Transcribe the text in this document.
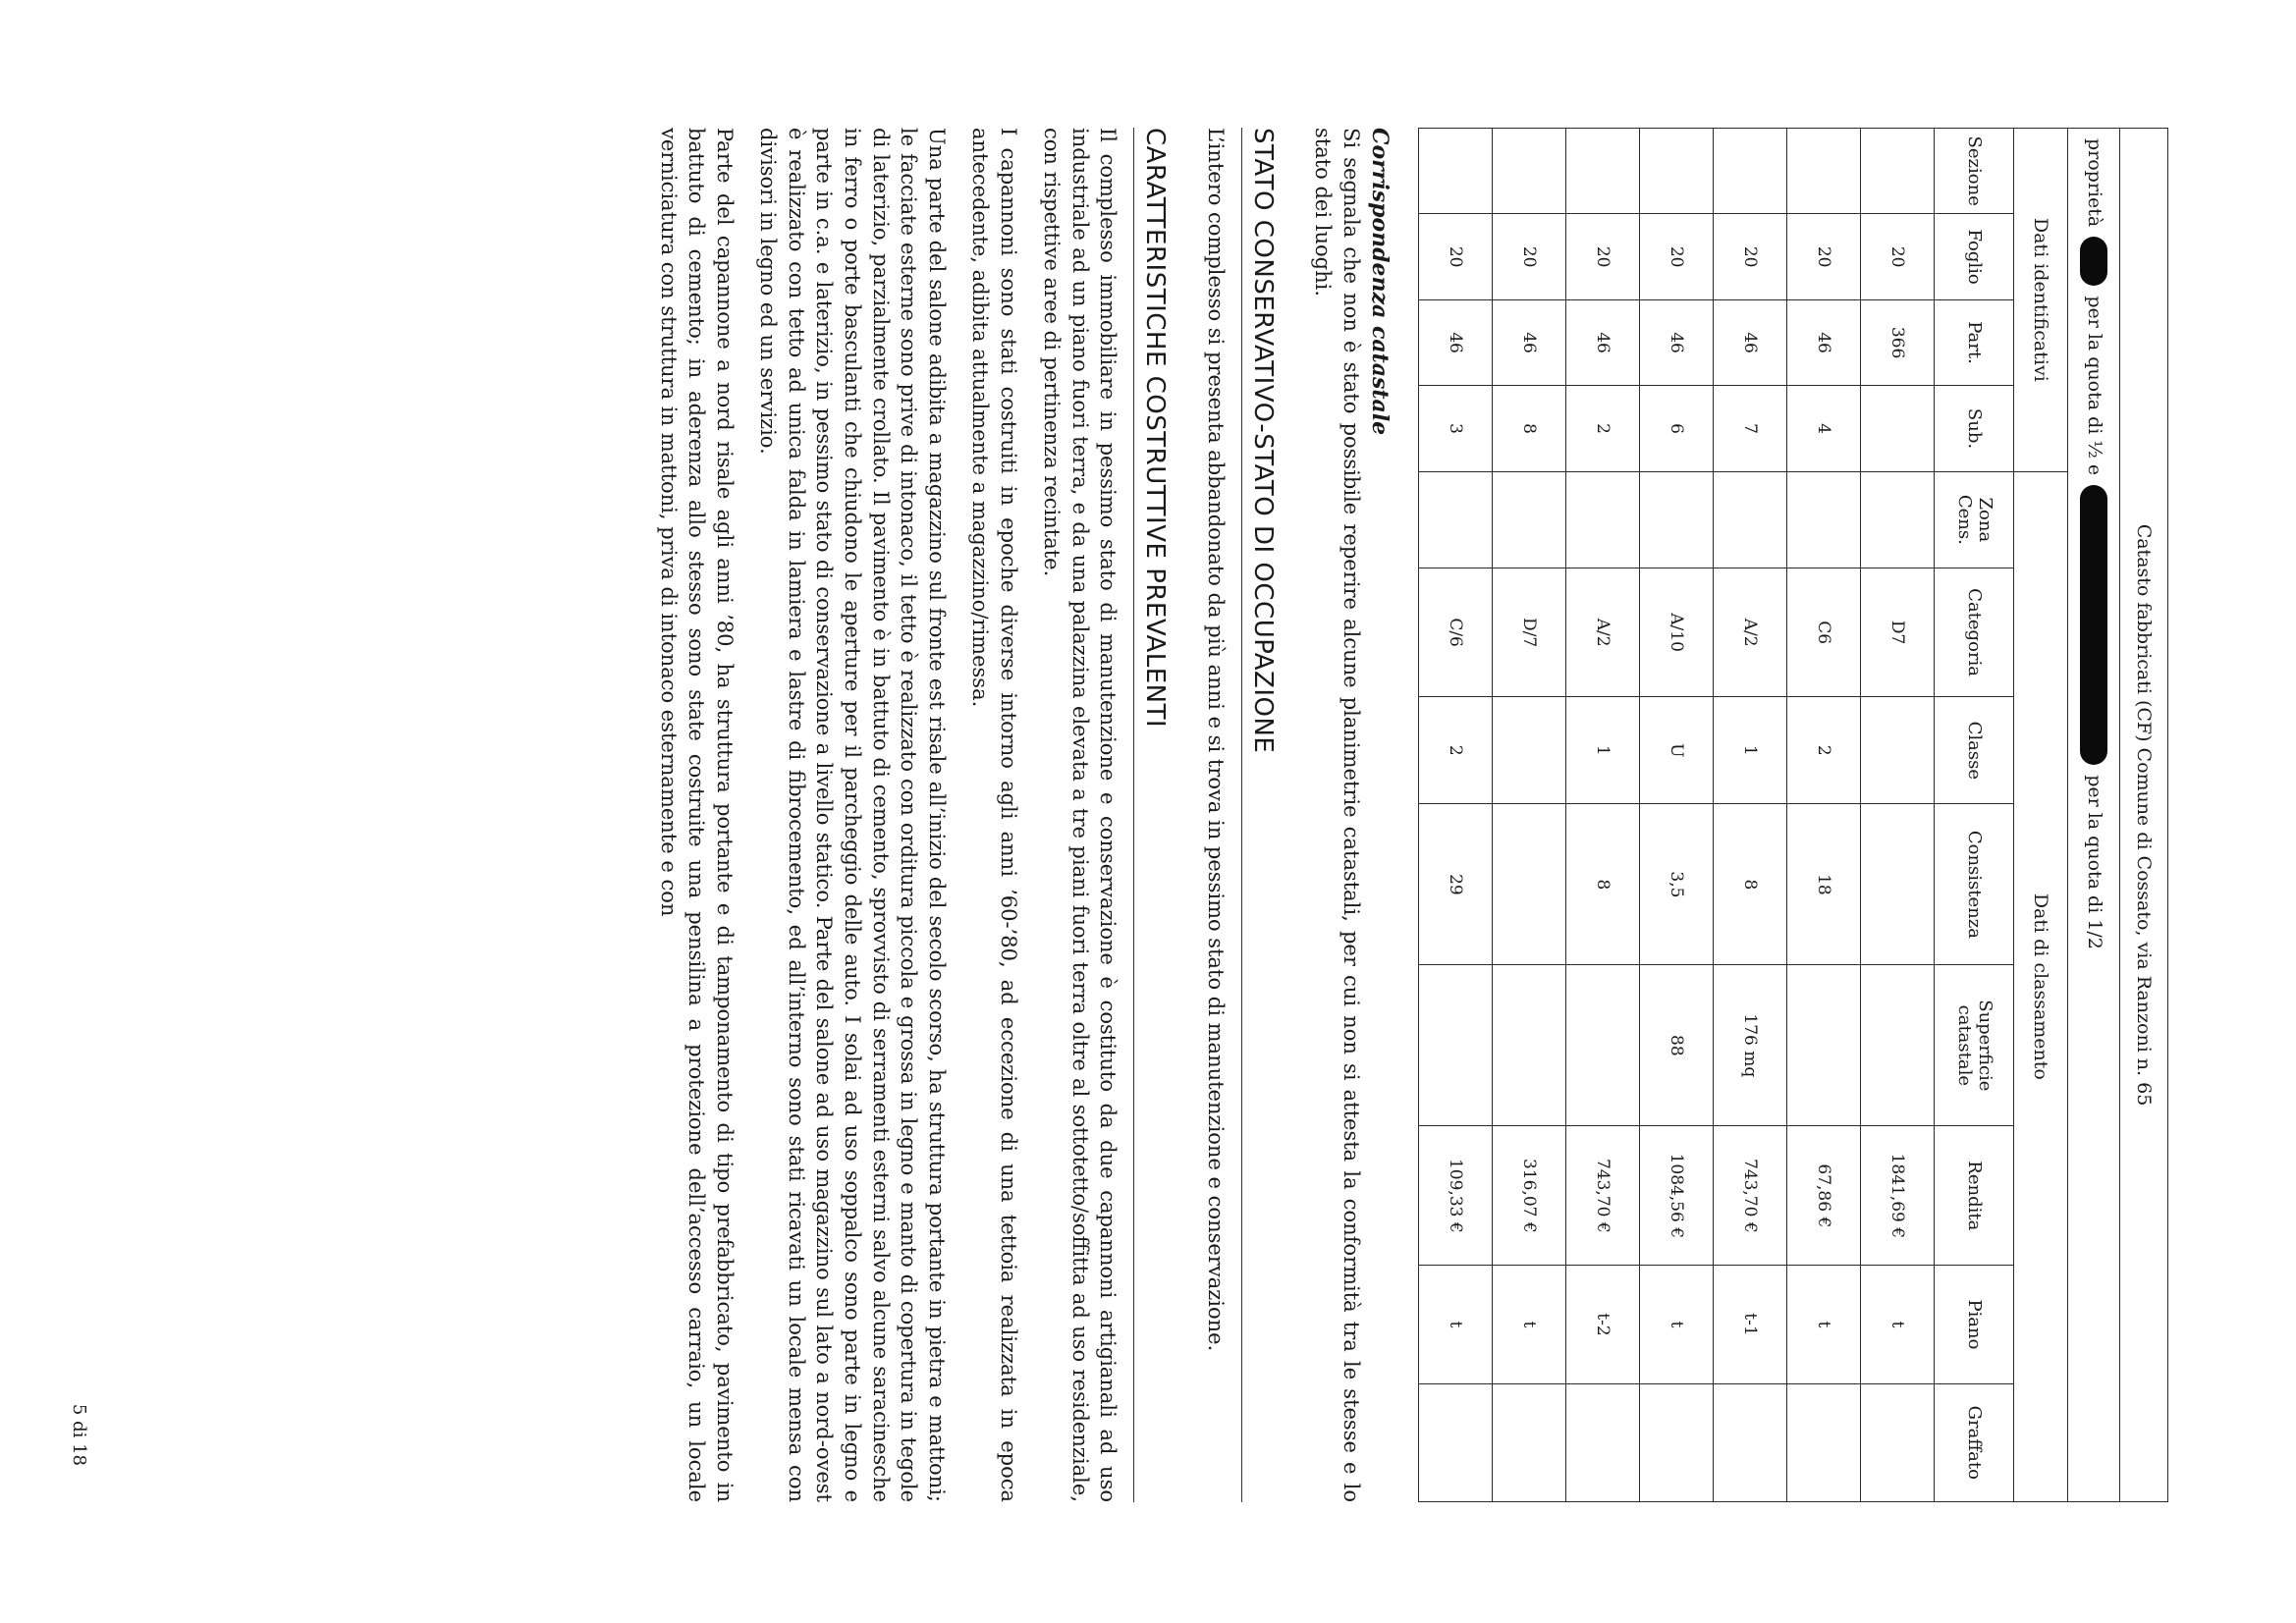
Catasto fabbricati (CF) Comune di Cossato, via Ranzoni n. 65											
proprietà  per la quota di ½ e  per la quota di 1/2											
Dati identificativi				Dati di classamento							
Sezione	Foglio	Part.	Sub.	Zona Cens.	Categoria	Classe	Consistenza	Superficie catastale	Rendita	Piano	Graffato
	20	366			D7				1841,69 €	t	
	20	46	4		C6	2	18		67,86 €	t	
	20	46	7		A/2	1	8	176 mq	743,70 €	t-1	
	20	46	6		A/10	U	3,5	88	1084,56 €	t	
	20	46	2		A/2	1	8		743,70 €	t-2	
	20	46	8		D/7				316,07 €	t	
	20	46	3		C/6	2	29		109,33 €	t	
Corrispondenza catastale

Si segnala che non è stato possibile reperire alcune planimetrie catastali, per cui non si attesta la conformità tra le stesse e lo stato dei luoghi.

STATO CONSERVATIVO-STATO DI OCCUPAZIONE

L’intero complesso si presenta abbandonato da più anni e si trova in pessimo stato di manutenzione e conservazione.

CARATTERISTICHE COSTRUTTIVE PREVALENTI

Il complesso immobiliare in pessimo stato di manutenzione e conservazione è costituto da due capannoni artigianali ad uso industriale ad un piano fuori terra, e da una palazzina elevata a tre piani fuori terra oltre al sottotetto/soffitta ad uso residenziale, con rispettive aree di pertinenza recintate.

I capannoni sono stati costruiti in epoche diverse intorno agli anni ’60-’80, ad eccezione di una tettoia realizzata in epoca antecedente, adibita attualmente a magazzino/rimessa.

Una parte del salone adibita a magazzino sul fronte est risale all’inizio del secolo scorso, ha struttura portante in pietra e mattoni; le facciate esterne sono prive di intonaco, il tetto è realizzato con orditura piccola e grossa in legno e manto di copertura in tegole di laterizio, parzialmente crollato. Il pavimento è in battuto di cemento, sprovvisto di serramenti esterni salvo alcune saracinesche in ferro o porte basculanti che chiudono le aperture per il parcheggio delle auto. I solai ad uso soppalco sono parte in legno e parte in c.a. e laterizio, in pessimo stato di conservazione a livello statico. Parte del salone ad uso magazzino sul lato a nord-ovest è realizzato con tetto ad unica falda in lamiera e lastre di fibrocemento, ed all’interno sono stati ricavati un locale mensa con divisori in legno ed un servizio.

Parte del capannone a nord risale agli anni ’80, ha struttura portante e di tamponamento di tipo prefabbricato, pavimento in battuto di cemento; in aderenza allo stesso sono state costruite una pensilina a protezione dell’accesso carraio, un locale verniciatura con struttura in mattoni, priva di intonaco esternamente e con

5 di 18
